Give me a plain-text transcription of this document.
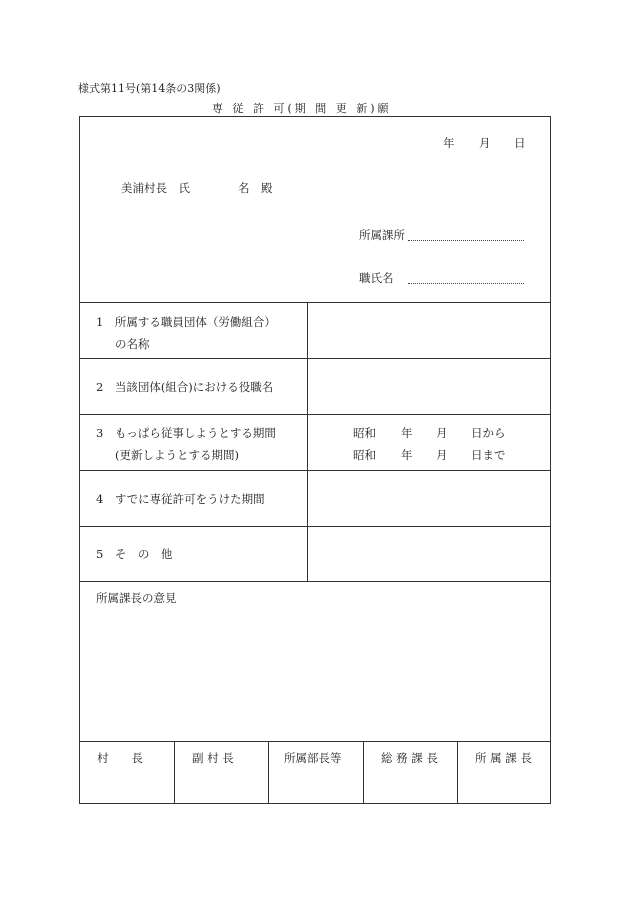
様式第11号(第14条の3関係)
専 従 許 可(期 間 更 新)願
年 月 日
美浦村長　氏	名　殿
所属課所
職氏名
1　所属する職員団体（労働組合）
の名称
2　当該団体(組合)における役職名
3　もっぱら従事しようとする期間
(更新しようとする期間)
昭和 年 月 日から
昭和 年 月 日まで
4　すでに専従許可をうけた期間
5　そ　の　他
所属課長の意見
村　　長	副 村 長	所属部長等	総 務 課 長	所 属 課 長
